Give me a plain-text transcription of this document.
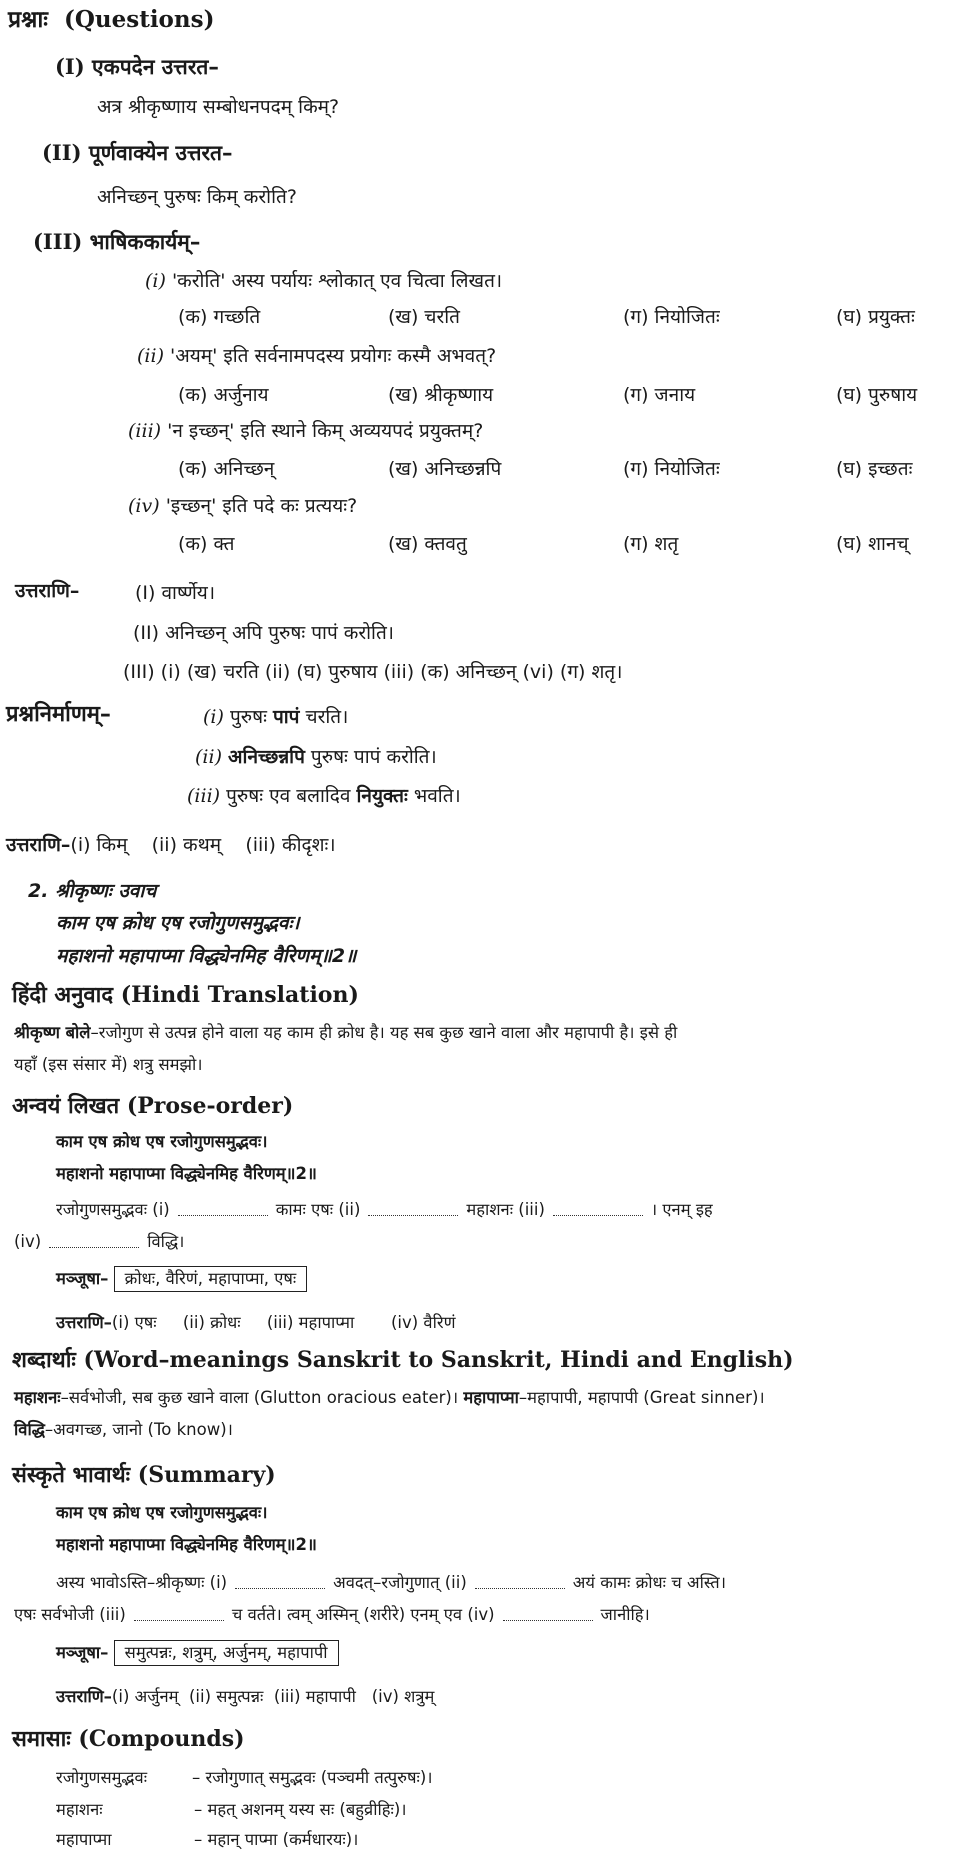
प्रश्नाः (Questions)
(I) एकपदेन उत्तरत–
अत्र श्रीकृष्णाय सम्बोधनपदम् किम्?
(II) पूर्णवाक्येन उत्तरत–
अनिच्छन् पुरुषः किम् करोति?
(III) भाषिककार्यम्–
(i) 'करोति' अस्य पर्यायः श्लोकात् एव चित्वा लिखत।
(क) गच्छति	(ख) चरति	(ग) नियोजितः	(घ) प्रयुक्तः
(ii) 'अयम्' इति सर्वनामपदस्य प्रयोगः कस्मै अभवत्?
(क) अर्जुनाय	(ख) श्रीकृष्णाय	(ग) जनाय	(घ) पुरुषाय
(iii) 'न इच्छन्' इति स्थाने किम् अव्ययपदं प्रयुक्तम्?
(क) अनिच्छन्	(ख) अनिच्छन्नपि	(ग) नियोजितः	(घ) इच्छतः
(iv) 'इच्छन्' इति पदे कः प्रत्ययः?
(क) क्त	(ख) क्तवतु	(ग) शतृ	(घ) शानच्
उत्तराणि–	(I) वार्ष्णेय।
(II) अनिच्छन् अपि पुरुषः पापं करोति।
(III) (i) (ख) चरति (ii) (घ) पुरुषाय (iii) (क) अनिच्छन् (vi) (ग) शतृ।
प्रश्ननिर्माणम्–	(i) पुरुषः पापं चरति।
(ii) अनिच्छन्नपि पुरुषः पापं करोति।
(iii) पुरुषः एव बलादिव नियुक्तः भवति।
उत्तराणि–(i) किम् (ii) कथम् (iii) कीदृशः।
2. श्रीकृष्णः उवाच
काम एष क्रोध एष रजोगुणसमुद्भवः।
महाशनो महापाप्मा विद्ध्येनमिह वैरिणम्॥2॥
हिंदी अनुवाद (Hindi Translation)
श्रीकृष्ण बोले–रजोगुण से उत्पन्न होने वाला यह काम ही क्रोध है। यह सब कुछ खाने वाला और महापापी है। इसे ही
यहाँ (इस संसार में) शत्रु समझो।
अन्वयं लिखत (Prose-order)
काम एष क्रोध एष रजोगुणसमुद्भवः।
महाशनो महापाप्मा विद्ध्येनमिह वैरिणम्॥2॥
रजोगुणसमुद्भवः (i)	कामः एषः (ii)	महाशनः (iii)	। एनम् इह
(iv)	विद्धि।
मञ्जूषा– क्रोधः, वैरिणं, महापाप्मा, एषः
उत्तराणि–(i) एषः (ii) क्रोधः (iii) महापाप्मा (iv) वैरिणं
शब्दार्थाः (Word–meanings Sanskrit to Sanskrit, Hindi and English)
महाशनः–सर्वभोजी, सब कुछ खाने वाला (Glutton oracious eater)। महापाप्मा–महापापी, महापापी (Great sinner)।
विद्धि–अवगच्छ, जानो (To know)।
संस्कृते भावार्थः (Summary)
काम एष क्रोध एष रजोगुणसमुद्भवः।
महाशनो महापाप्मा विद्ध्येनमिह वैरिणम्॥2॥
अस्य भावोऽस्ति–श्रीकृष्णः (i)	अवदत्–रजोगुणात् (ii)	अयं कामः क्रोधः च अस्ति।
एषः सर्वभोजी (iii)	च वर्तते। त्वम् अस्मिन् (शरीरे) एनम् एव (iv)	जानीहि।
मञ्जूषा– समुत्पन्नः, शत्रुम्, अर्जुनम्, महापापी
उत्तराणि–(i) अर्जुनम् (ii) समुत्पन्नः (iii) महापापी (iv) शत्रुम्
समासाः (Compounds)
रजोगुणसमुद्भवः	– रजोगुणात् समुद्भवः (पञ्चमी तत्पुरुषः)।
महाशनः	– महत् अशनम् यस्य सः (बहुव्रीहिः)।
महापाप्मा	– महान् पाप्मा (कर्मधारयः)।
